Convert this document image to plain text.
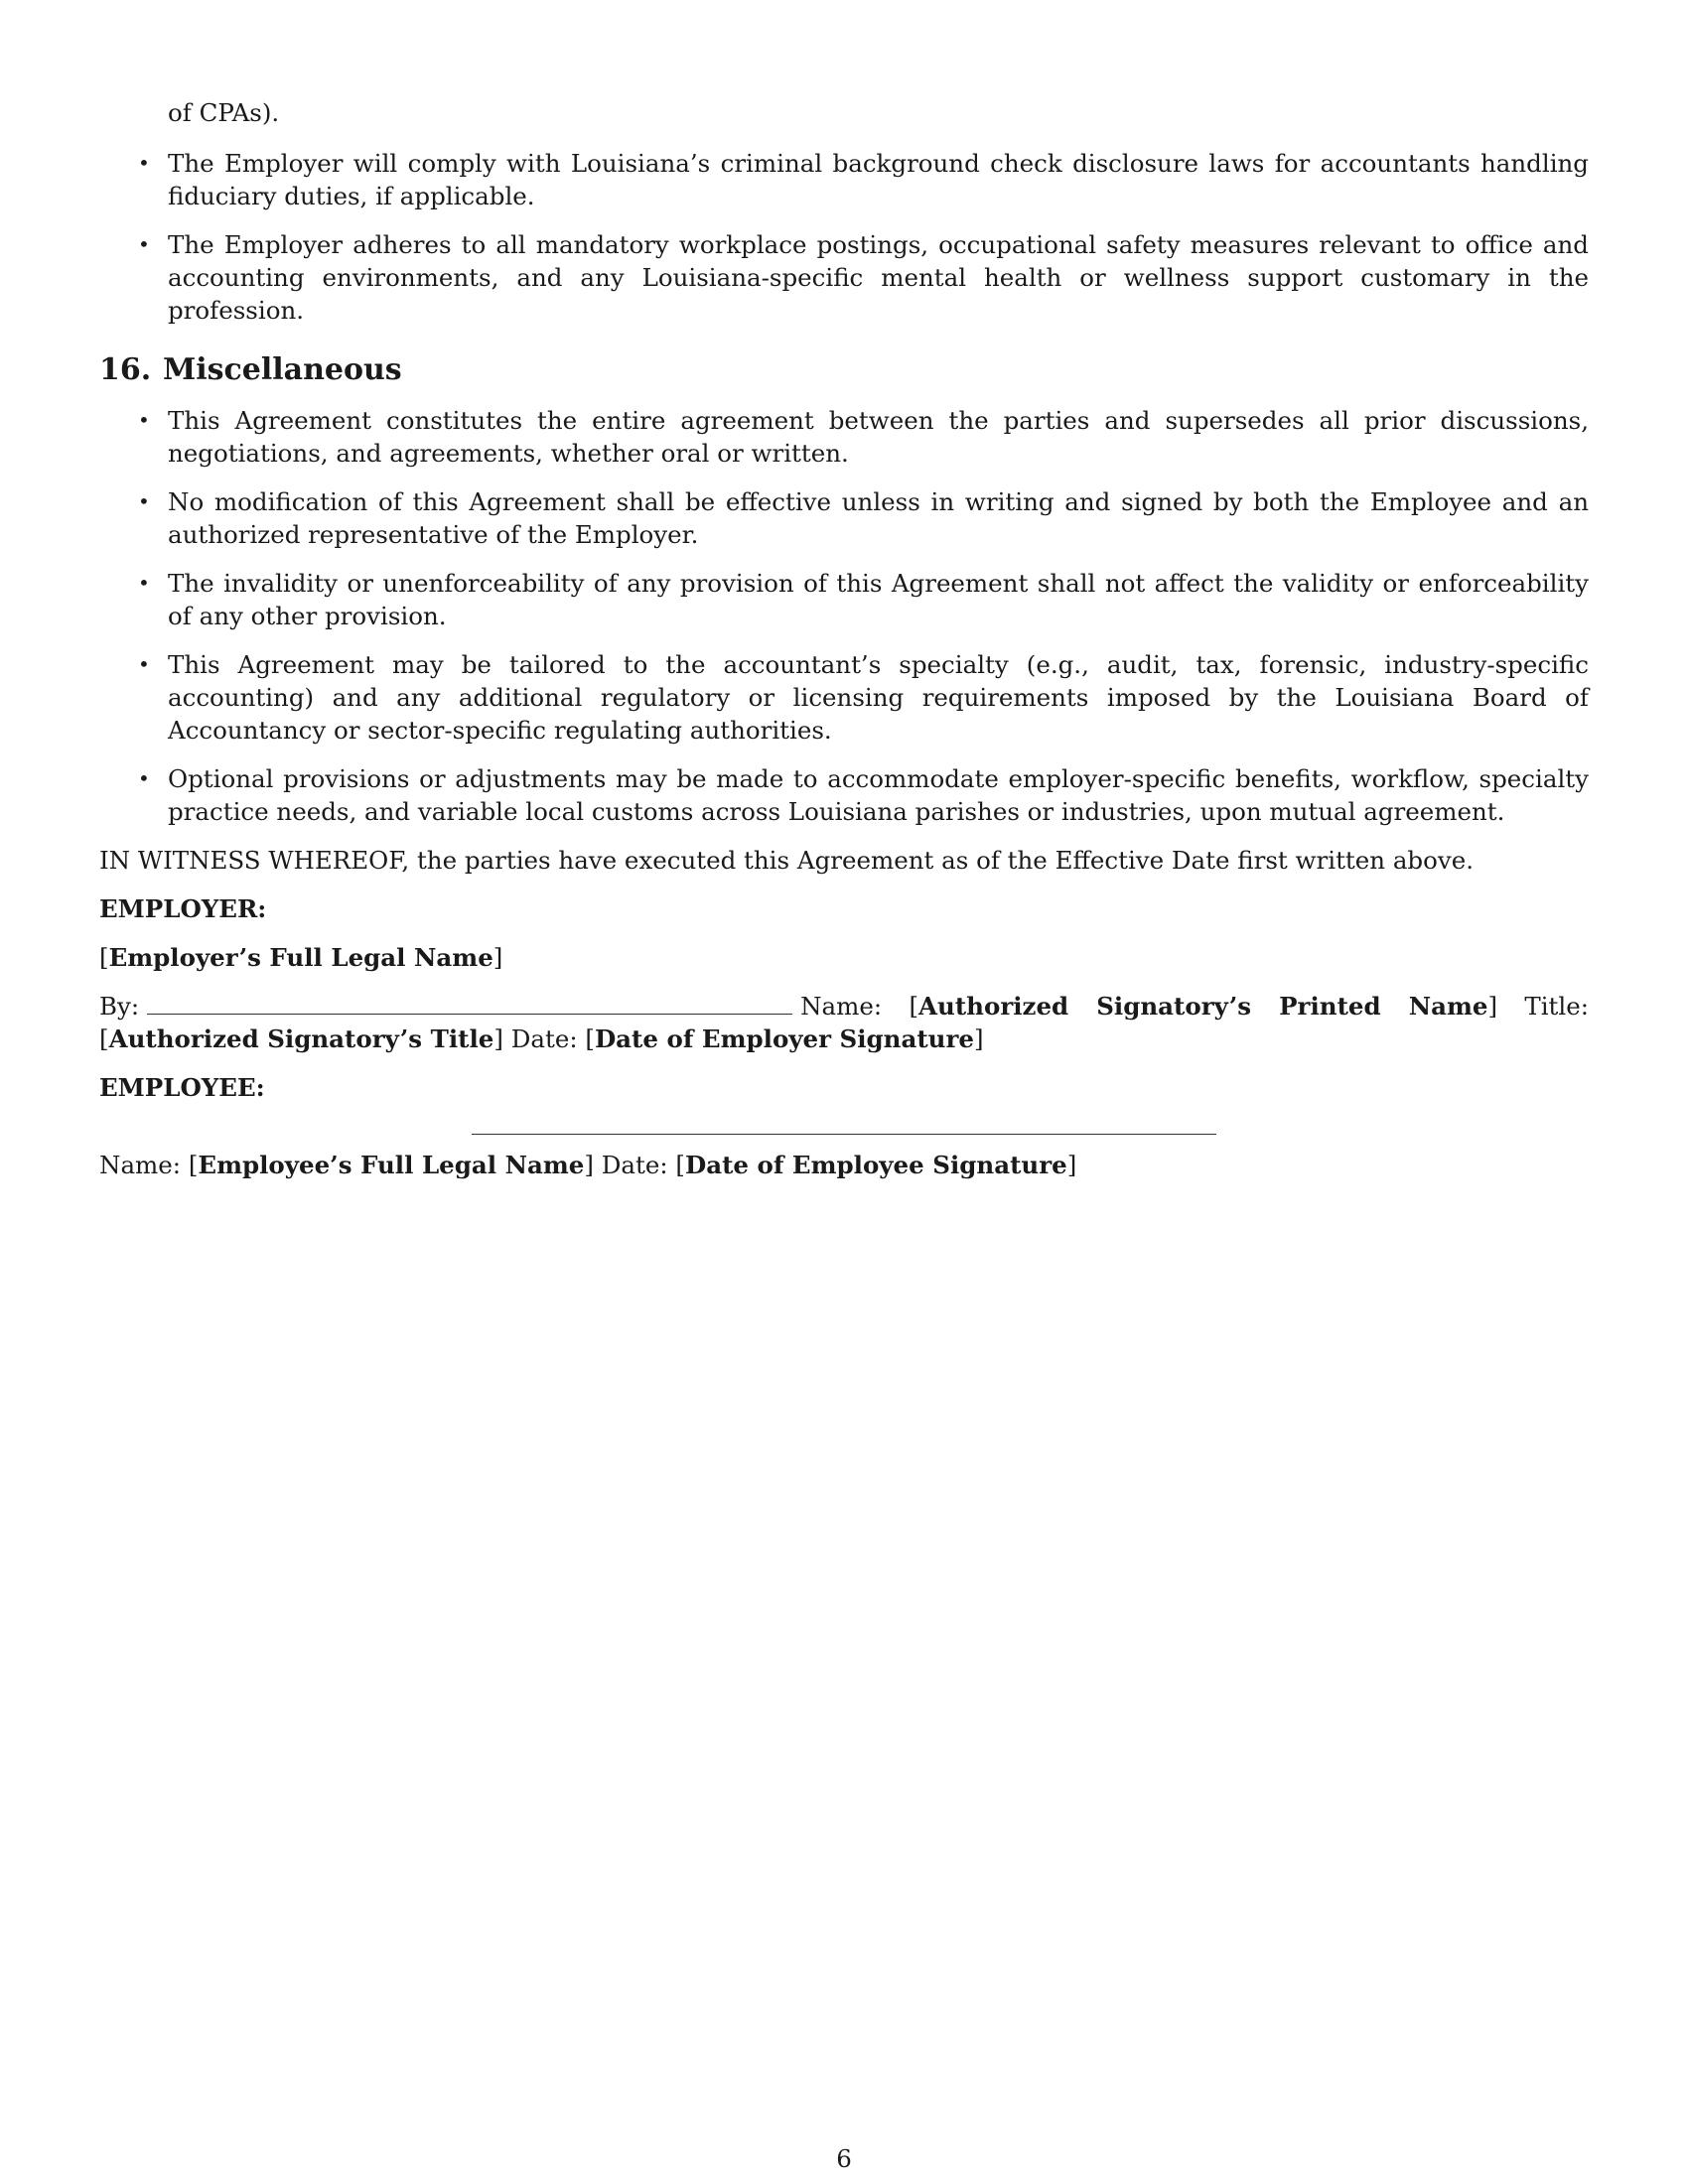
of CPAs).

• The Employer will comply with Louisiana’s criminal background check disclosure laws for accountants handling fiduciary duties, if applicable.
• The Employer adheres to all mandatory workplace postings, occupational safety measures relevant to office and accounting environments, and any Louisiana-specific mental health or wellness support customary in the profession.
16. Miscellaneous
• This Agreement constitutes the entire agreement between the parties and supersedes all prior discussions, negotiations, and agreements, whether oral or written.
• No modification of this Agreement shall be effective unless in writing and signed by both the Employee and an authorized representative of the Employer.
• The invalidity or unenforceability of any provision of this Agreement shall not affect the validity or enforceability of any other provision.
• This Agreement may be tailored to the accountant’s specialty (e.g., audit, tax, forensic, industry-specific accounting) and any additional regulatory or licensing requirements imposed by the Louisiana Board of Accountancy or sector-specific regulating authorities.
• Optional provisions or adjustments may be made to accommodate employer-specific benefits, workflow, specialty practice needs, and variable local customs across Louisiana parishes or industries, upon mutual agreement.

IN WITNESS WHEREOF, the parties have executed this Agreement as of the Effective Date first written above.

EMPLOYER:

[Employer’s Full Legal Name]

By:	Name: [Authorized Signatory’s Printed Name] Title: [Authorized Signatory’s Title] Date: [Date of Employer Signature]

EMPLOYEE:

Name: [Employee’s Full Legal Name] Date: [Date of Employee Signature]

6
